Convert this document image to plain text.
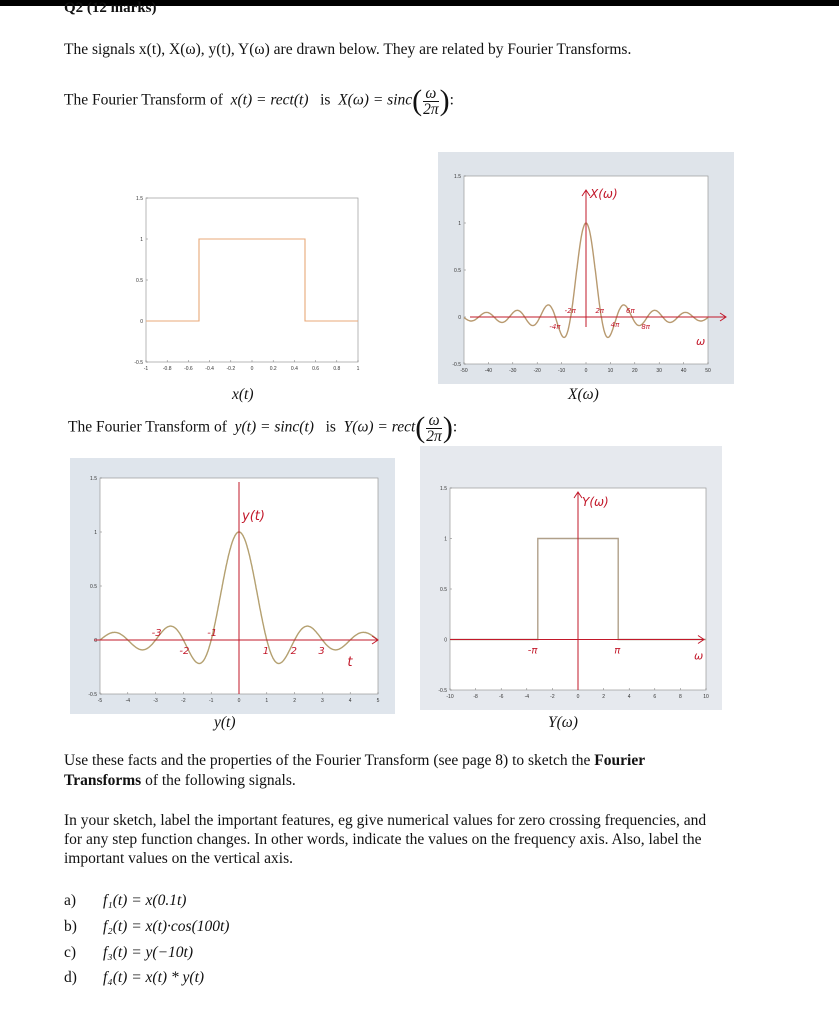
Q2 (12 marks)
The signals x(t), X(ω), y(t), Y(ω) are drawn below. They are related by Fourier Transforms.
The Fourier Transform of x(t) = rect(t) is $X(\omega) = \sin c( \frac{\omega}{2\pi}$ ):
-1	-0.8	-0.6	-0.4	-0.2	0	0.2	0.4	0.6	0.8	1
-0.5
0
0.5
1
1.5
-50	-40	-30	-20	-10	0	10	20	30	40	50
-0.5
0
0.5
1
1.5
X(ω)
ω
-4π
-2π	2π
4π
6π
8π
x(t)	X(ω)
The Fourier Transform of y(t) = sinc(t) is Y(ω) = rect( $\frac{\omega}{2\pi}$ ):
-5	-4	-3	-2	-1	0	1	2	3	4	5
-0.5
0
0.5
1
1.5
y(t)
t
-3
-2
-1
1 2 3
-10	-8	-6	-4	-2	0	2	4	6	8	10
-0.5
0
0.5
1
1.5
Y(ω)
ω
-π	π
y(t)	Y(ω)
Use these facts and the properties of the Fourier Transform (see page 8) to sketch the Fourier
Transforms of the following signals.
In your sketch, label the important features, eg give numerical values for zero crossing frequencies, and
for any step function changes. In other words, indicate the values on the frequency axis. Also, label the
important values on the vertical axis.
a) f₁(t) = x(0.1t)
b) f₂(t) = x(t)·cos(100t)
c) f₃(t) = y(−10t)
d) f₄(t) = x(t) * y(t)
